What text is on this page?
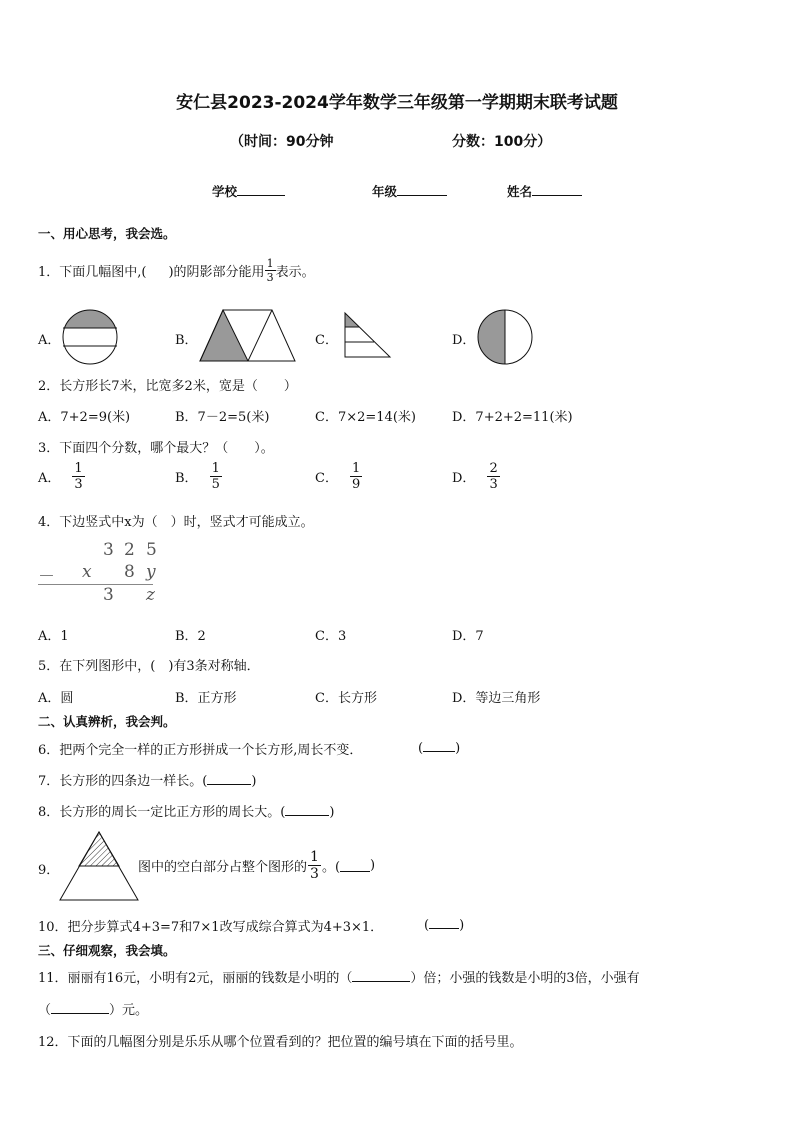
安仁县2023-2024学年数学三年级第一学期期末联考试题
（时间：90分钟	分数：100分）
学校	年级	姓名
一、用心思考，我会选。
1．下面几幅图中,( )的阴影部分能用 $\frac{1}{3}$ 表示。
A．	B．	C．	D．
2．长方形长7米，比宽多2米，宽是（　　）
A．7+2=9(米)	B．7－2=5(米)	C．7×2=14(米)	D．7+2+2=11(米)
3．下面四个分数，哪个最大？（　　）。
A． $\frac{1}{3}$	B． $\frac{1}{5}$	C． $\frac{1}{9}$	D． $\frac{2}{3}$
4．下边竖式中x为（　）时，竖式才可能成立。
3 2 5
－ x 8 y
3 z
A．1	B．2	C．3	D．7
5．在下列图形中，(　)有3条对称轴．
A．圆	B．正方形	C．长方形	D．等边三角形
二、认真辨析，我会判。
6．把两个完全一样的正方形拼成一个长方形,周长不变．	( )
7．长方形的四条边一样长。(	)
8．长方形的周长一定比正方形的周长大。(	)
9．	图中的空白部分占整个图形的 $\frac{1}{3}$ 。( )
10．把分步算式4+3=7和7×1改写成综合算式为4+3×1．	( )
三、仔细观察，我会填。
11．丽丽有16元，小明有2元，丽丽的钱数是小明的（	）倍；小强的钱数是小明的3倍，小强有
（	）元。
12．下面的几幅图分别是乐乐从哪个位置看到的？把位置的编号填在下面的括号里。
